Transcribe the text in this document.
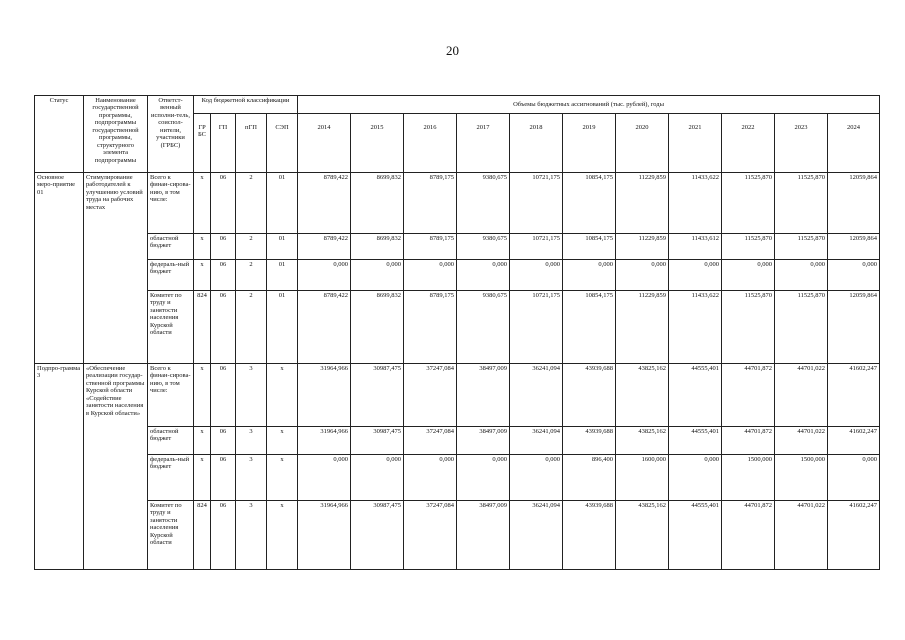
20
Статус	Наименование государственной программы, подпрограммы государственной программы, структурного элемента подпрограммы	Ответст-венный исполни-тель, соиспол-нители, участники (ГРБС)	Код бюджетной классификации				Объемы бюджетных ассигнований (тыс. рублей), годы										
			ГР БС	ГП	пГП	СЭП	2014	2015	2016	2017	2018	2019	2020	2021	2022	2023	2024
Основное меро-приятие 01	Стимулирование работодателей к улучшению условий труда на рабочих местах	Всего к финан-сирова-нию, в том числе:	х	06	2	01	8789,422	8699,832	8789,175	9380,675	10721,175	10854,175	11229,859	11433,622	11525,870	11525,870	12059,864
		областной бюджет	х	06	2	01	8789,422	8699,832	8789,175	9380,675	10721,175	10854,175	11229,859	11433,612	11525,870	11525,870	12059,864
		федераль-ный бюджет	х	06	2	01	0,000	0,000	0,000	0,000	0,000	0,000	0,000	0,000	0,000	0,000	0,000
		Комитет по труду и занятости населения Курской области	824	06	2	01	8789,422	8699,832	8789,175	9380,675	10721,175	10854,175	11229,859	11433,622	11525,870	11525,870	12059,864
Подпро-грамма 3	«Обеспечение реализации государ-ственной программы Курской области «Содействие занятости населения в Курской области»	Всего к финан-сирова-нию, в том числе:	х	06	3	х	31964,966	30987,475	37247,084	38497,009	36241,094	43939,688	43825,162	44555,401	44701,872	44701,022	41602,247
		областной бюджет	х	06	3	х	31964,966	30987,475	37247,084	38497,009	36241,094	43939,688	43825,162	44555,401	44701,872	44701,022	41602,247
		федераль-ный бюджет	х	06	3	х	0,000	0,000	0,000	0,000	0,000	896,400	1600,000	0,000	1500,000	1500,000	0,000
		Комитет по труду и занятости населения Курской области	824	06	3	х	31964,966	30987,475	37247,084	38497,009	36241,094	43939,688	43825,162	44555,401	44701,872	44701,022	41602,247
